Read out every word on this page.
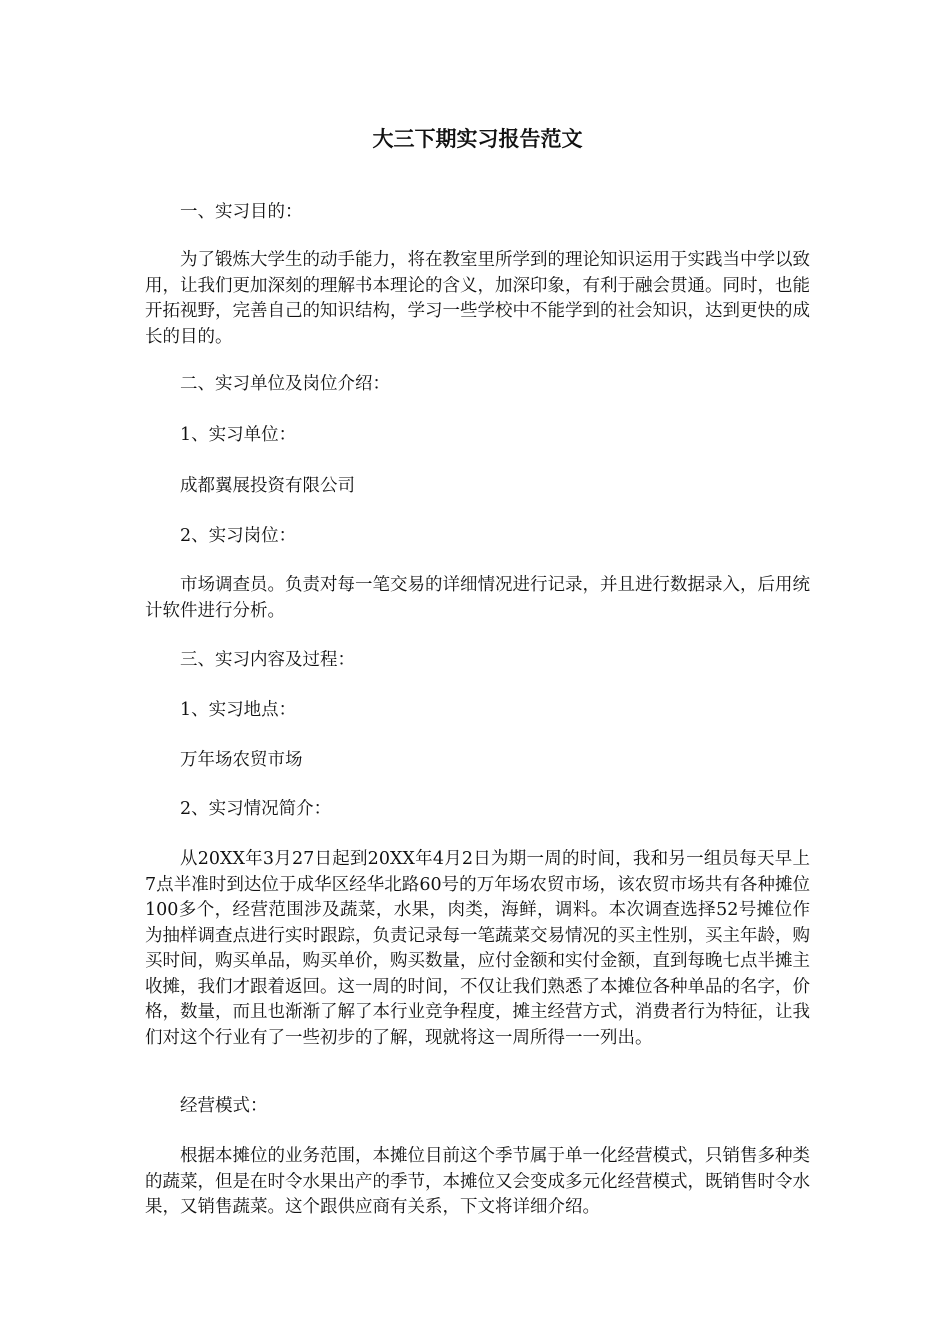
大三下期实习报告范文

一、实习目的：

为了锻炼大学生的动手能力，将在教室里所学到的理论知识运用于实践当中学以致用，让我们更加深刻的理解书本理论的含义，加深印象，有利于融会贯通。同时，也能开拓视野，完善自己的知识结构，学习一些学校中不能学到的社会知识，达到更快的成长的目的。

二、实习单位及岗位介绍：

1、实习单位：

成都翼展投资有限公司

2、实习岗位：

市场调查员。负责对每一笔交易的详细情况进行记录，并且进行数据录入，后用统计软件进行分析。

三、实习内容及过程：

1、实习地点：

万年场农贸市场

2、实习情况简介：

从20XX年3月27日起到20XX年4月2日为期一周的时间，我和另一组员每天早上7点半准时到达位于成华区经华北路60号的万年场农贸市场，该农贸市场共有各种摊位100多个，经营范围涉及蔬菜，水果，肉类，海鲜，调料。本次调查选择52号摊位作为抽样调查点进行实时跟踪，负责记录每一笔蔬菜交易情况的买主性别，买主年龄，购买时间，购买单品，购买单价，购买数量，应付金额和实付金额，直到每晚七点半摊主收摊，我们才跟着返回。这一周的时间，不仅让我们熟悉了本摊位各种单品的名字，价格，数量，而且也渐渐了解了本行业竞争程度，摊主经营方式，消费者行为特征，让我们对这个行业有了一些初步的了解，现就将这一周所得一一列出。

经营模式：

根据本摊位的业务范围，本摊位目前这个季节属于单一化经营模式，只销售多种类的蔬菜，但是在时令水果出产的季节，本摊位又会变成多元化经营模式，既销售时令水果，又销售蔬菜。这个跟供应商有关系，下文将详细介绍。
